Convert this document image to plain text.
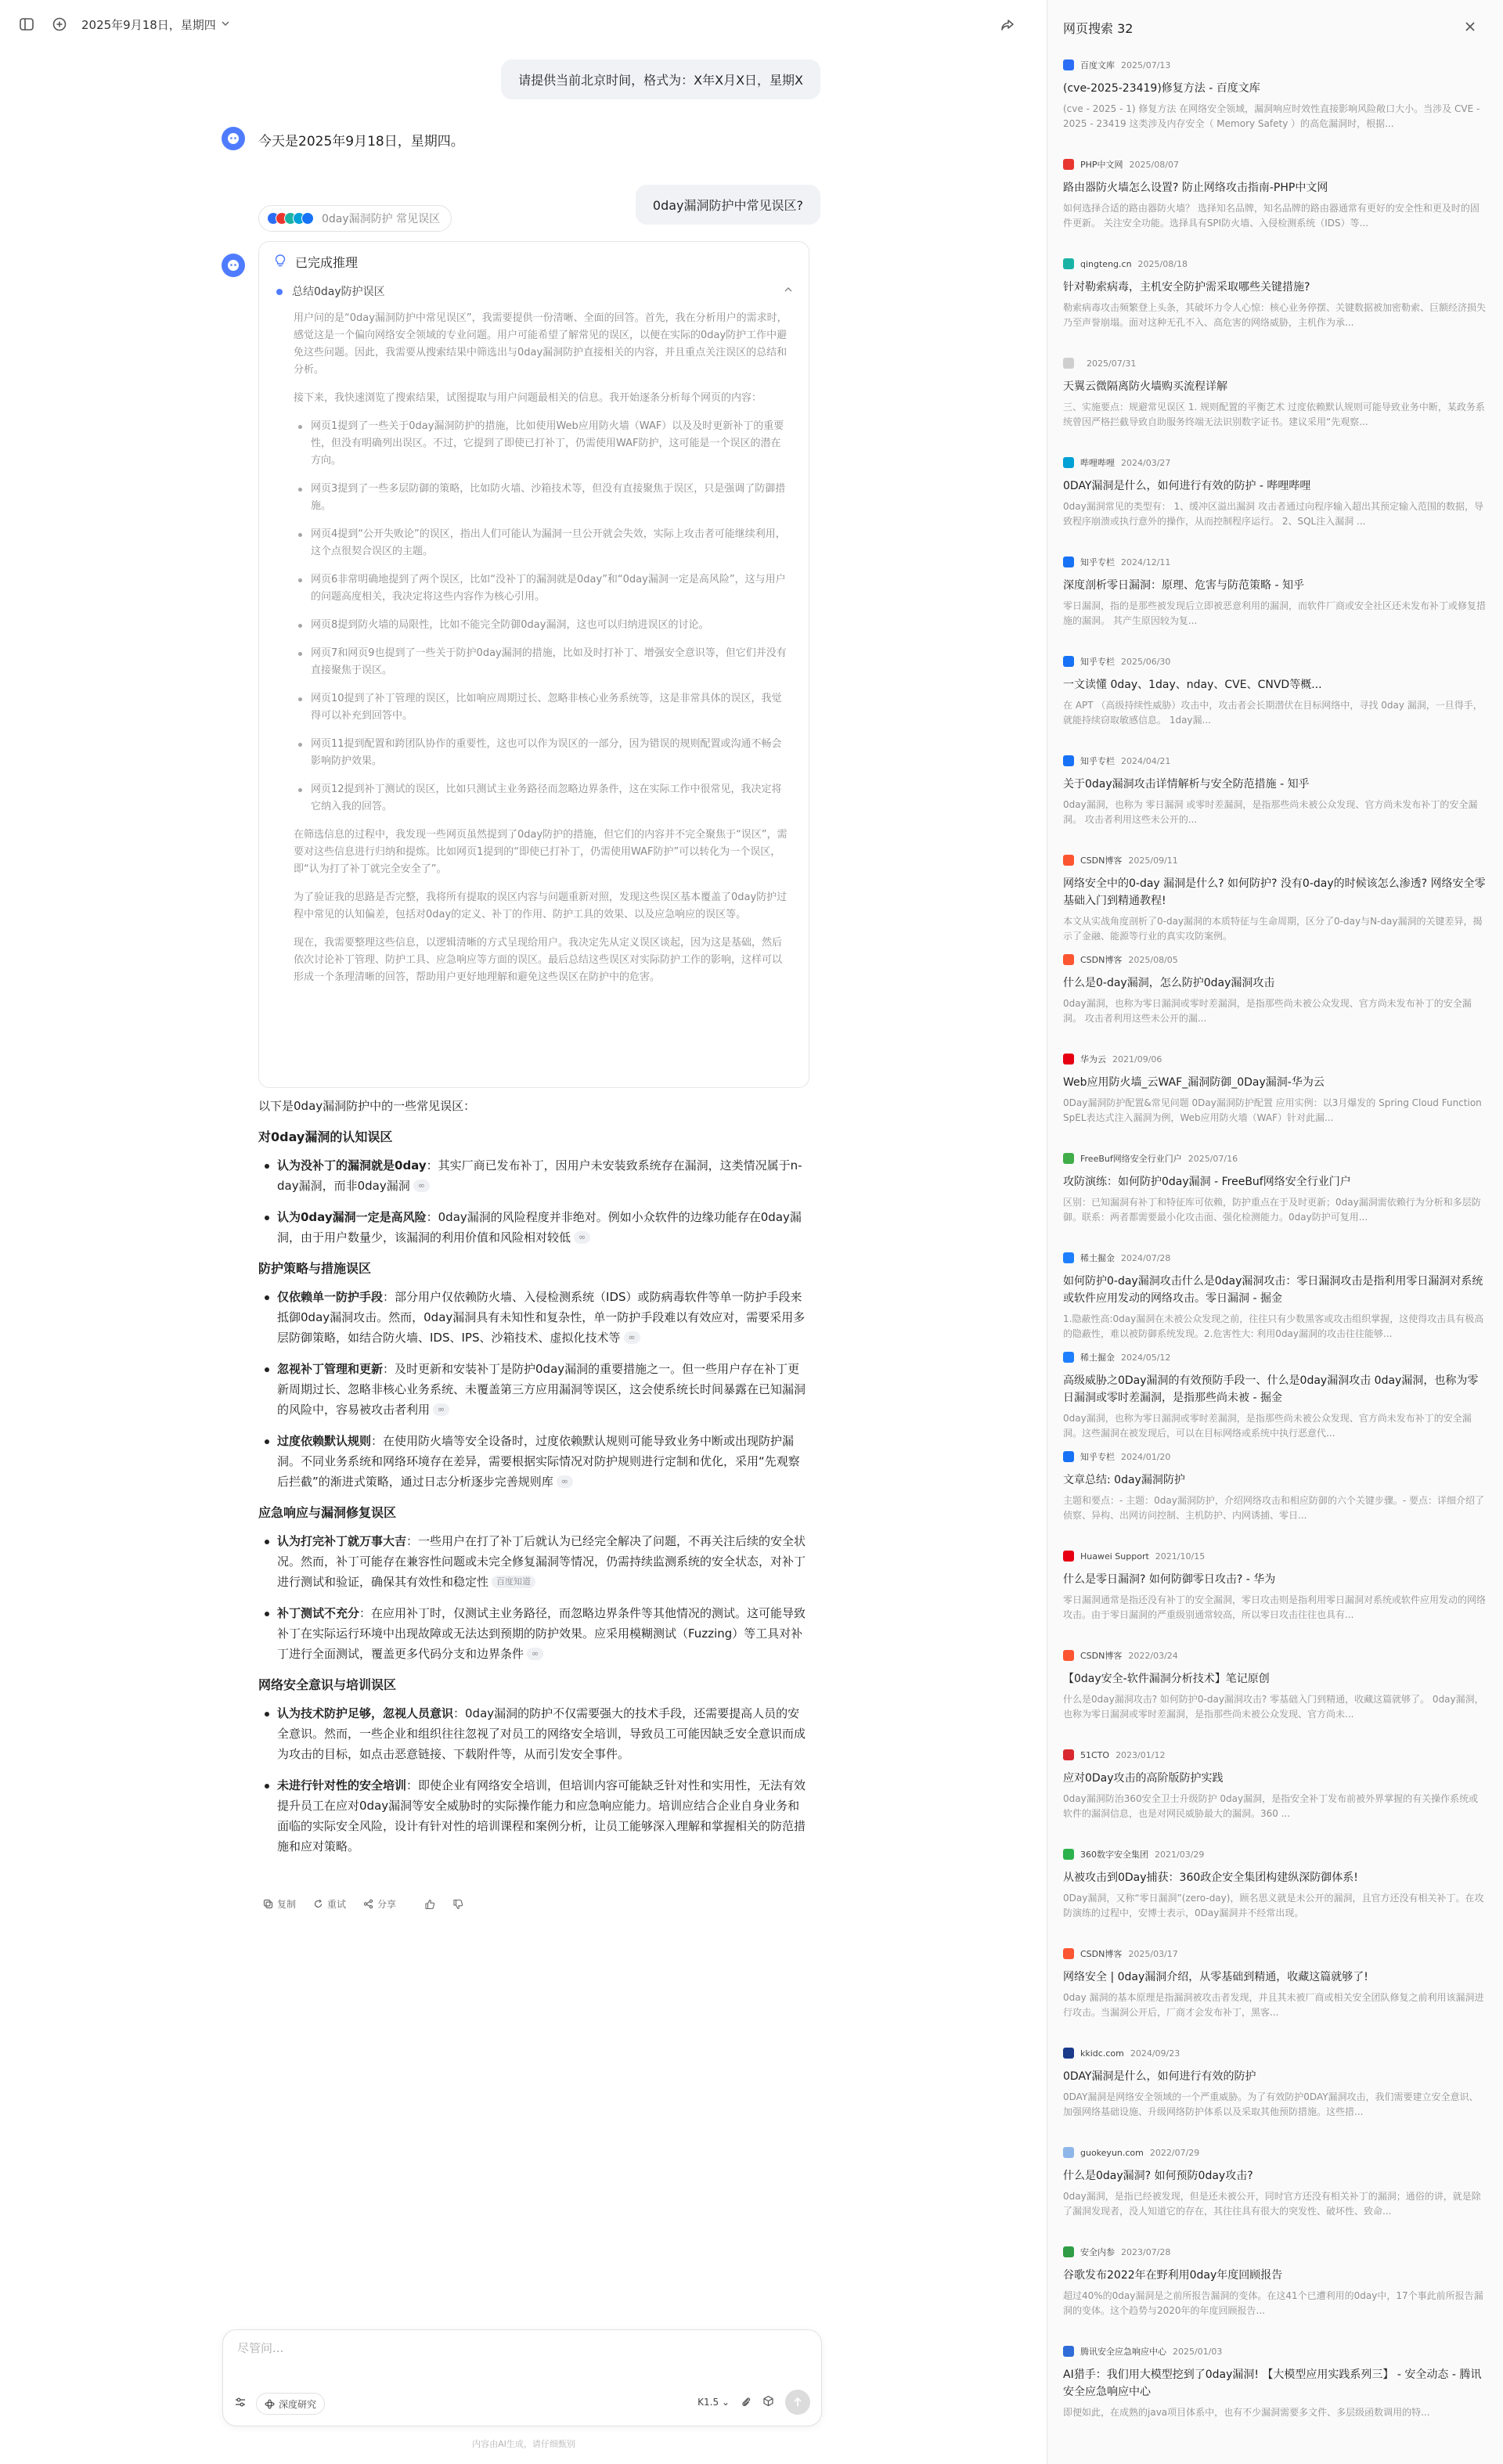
2025年9月18日，星期四
请提供当前北京时间，格式为：X年X月X日，星期X
今天是2025年9月18日，星期四。
0day漏洞防护中常见误区?
0day漏洞防护 常见误区
已完成推理
总结0day防护误区

用户问的是“0day漏洞防护中常见误区”，我需要提供一份清晰、全面的回答。首先，我在分析用户的需求时，感觉这是一个偏向网络安全领域的专业问题。用户可能希望了解常见的误区，以便在实际的0day防护工作中避免这些问题。因此，我需要从搜索结果中筛选出与0day漏洞防护直接相关的内容，并且重点关注误区的总结和分析。

接下来，我快速浏览了搜索结果，试图提取与用户问题最相关的信息。我开始逐条分析每个网页的内容：

网页1提到了一些关于0day漏洞防护的措施，比如使用Web应用防火墙（WAF）以及及时更新补丁的重要性，但没有明确列出误区。不过，它提到了即使已打补丁，仍需使用WAF防护，这可能是一个误区的潜在方向。
网页3提到了一些多层防御的策略，比如防火墙、沙箱技术等，但没有直接聚焦于误区，只是强调了防御措施。
网页4提到“公开失败论”的误区，指出人们可能认为漏洞一旦公开就会失效，实际上攻击者可能继续利用，这个点很契合误区的主题。
网页6非常明确地提到了两个误区，比如“没补丁的漏洞就是0day”和“0day漏洞一定是高风险”，这与用户的问题高度相关，我决定将这些内容作为核心引用。
网页8提到防火墙的局限性，比如不能完全防御0day漏洞，这也可以归纳进误区的讨论。
网页7和网页9也提到了一些关于防护0day漏洞的措施，比如及时打补丁、增强安全意识等，但它们并没有直接聚焦于误区。
网页10提到了补丁管理的误区，比如响应周期过长、忽略非核心业务系统等，这是非常具体的误区，我觉得可以补充到回答中。
网页11提到配置和跨团队协作的重要性，这也可以作为误区的一部分，因为错误的规则配置或沟通不畅会影响防护效果。
网页12提到补丁测试的误区，比如只测试主业务路径而忽略边界条件，这在实际工作中很常见，我决定将它纳入我的回答。

在筛选信息的过程中，我发现一些网页虽然提到了0day防护的措施，但它们的内容并不完全聚焦于“误区”，需要对这些信息进行归纳和提炼。比如网页1提到的“即使已打补丁，仍需使用WAF防护”可以转化为一个误区，即“认为打了补丁就完全安全了”。

为了验证我的思路是否完整，我将所有提取的误区内容与问题重新对照，发现这些误区基本覆盖了0day防护过程中常见的认知偏差，包括对0day的定义、补丁的作用、防护工具的效果、以及应急响应的误区等。

现在，我需要整理这些信息，以逻辑清晰的方式呈现给用户。我决定先从定义误区谈起，因为这是基础，然后依次讨论补丁管理、防护工具、应急响应等方面的误区。最后总结这些误区对实际防护工作的影响，这样可以形成一个条理清晰的回答，帮助用户更好地理解和避免这些误区在防护中的危害。

以下是0day漏洞防护中的一些常见误区：

对0day漏洞的认知误区
认为没补丁的漏洞就是0day：其实厂商已发布补丁，因用户未安装致系统存在漏洞，这类情况属于n-day漏洞，而非0day漏洞 ∞
认为0day漏洞一定是高风险：0day漏洞的风险程度并非绝对。例如小众软件的边缘功能存在0day漏洞，由于用户数量少，该漏洞的利用价值和风险相对较低 ∞
防护策略与措施误区
仅依赖单一防护手段：部分用户仅依赖防火墙、入侵检测系统（IDS）或防病毒软件等单一防护手段来抵御0day漏洞攻击。然而，0day漏洞具有未知性和复杂性，单一防护手段难以有效应对，需要采用多层防御策略，如结合防火墙、IDS、IPS、沙箱技术、虚拟化技术等 ∞
忽视补丁管理和更新：及时更新和安装补丁是防护0day漏洞的重要措施之一。但一些用户存在补丁更新周期过长、忽略非核心业务系统、未覆盖第三方应用漏洞等误区，这会使系统长时间暴露在已知漏洞的风险中，容易被攻击者利用 ∞
过度依赖默认规则：在使用防火墙等安全设备时，过度依赖默认规则可能导致业务中断或出现防护漏洞。不同业务系统和网络环境存在差异，需要根据实际情况对防护规则进行定制和优化，采用“先观察后拦截”的渐进式策略，通过日志分析逐步完善规则库 ∞
应急响应与漏洞修复误区
认为打完补丁就万事大吉：一些用户在打了补丁后就认为已经完全解决了问题，不再关注后续的安全状况。然而，补丁可能存在兼容性问题或未完全修复漏洞等情况，仍需持续监测系统的安全状态，对补丁进行测试和验证，确保其有效性和稳定性 百度知道
补丁测试不充分：在应用补丁时，仅测试主业务路径，而忽略边界条件等其他情况的测试。这可能导致补丁在实际运行环境中出现故障或无法达到预期的防护效果。应采用模糊测试（Fuzzing）等工具对补丁进行全面测试，覆盖更多代码分支和边界条件 ∞
网络安全意识与培训误区
认为技术防护足够，忽视人员意识：0day漏洞的防护不仅需要强大的技术手段，还需要提高人员的安全意识。然而，一些企业和组织往往忽视了对员工的网络安全培训，导致员工可能因缺乏安全意识而成为攻击的目标，如点击恶意链接、下载附件等，从而引发安全事件。
未进行针对性的安全培训：即使企业有网络安全培训，但培训内容可能缺乏针对性和实用性，无法有效提升员工在应对0day漏洞等安全威胁时的实际操作能力和应急响应能力。培训应结合企业自身业务和面临的实际安全风险，设计有针对性的培训课程和案例分析，让员工能够深入理解和掌握相关的防范措施和应对策略。
复制	重试	分享
尽管问...
深度研究	K1.5 ⌄
内容由AI生成，请仔细甄别
网页搜索 32
百度文库 2025/07/13
(cve-2025-23419)修复方法 - 百度文库
(cve - 2025 - 1) 修复方法 在网络安全领域，漏洞响应时效性直接影响风险敞口大小。当涉及 CVE - 2025 - 23419 这类涉及内存安全（ Memory Safety ）的高危漏洞时，根据...
PHP中文网 2025/08/07
路由器防火墙怎么设置? 防止网络攻击指南-PHP中文网
如何选择合适的路由器防火墙？ 选择知名品牌，知名品牌的路由器通常有更好的安全性和更及时的固件更新。 关注安全功能。选择具有SPI防火墙、入侵检测系统（IDS）等...
qingteng.cn 2025/08/18
针对勒索病毒，主机安全防护需采取哪些关键措施?
勒索病毒攻击频繁登上头条，其破坏力令人心惊：核心业务停摆、关键数据被加密勒索、巨额经济损失乃至声誉崩塌。面对这种无孔不入、高危害的网络威胁，主机作为承...
2025/07/31
天翼云微隔离防火墙购买流程详解
三、实施要点：规避常见误区 1. 规则配置的平衡艺术 过度依赖默认规则可能导致业务中断，某政务系统曾因严格拦截导致自助服务终端无法识别数字证书。建议采用“先观察...
哔哩哔哩 2024/03/27
0DAY漏洞是什么，如何进行有效的防护 - 哔哩哔哩
0day漏洞常见的类型有： 1、缓冲区溢出漏洞 攻击者通过向程序输入超出其预定输入范围的数据，导致程序崩溃或执行意外的操作，从而控制程序运行。 2、SQL注入漏洞 ...
知乎专栏 2024/12/11
深度剖析零日漏洞：原理、危害与防范策略 - 知乎
零日漏洞，指的是那些被发现后立即被恶意利用的漏洞，而软件厂商或安全社区还未发布补丁或修复措施的漏洞。 其产生原因较为复...
知乎专栏 2025/06/30
一文读懂 0day、1day、nday、CVE、CNVD等概...
在 APT （高级持续性威胁）攻击中，攻击者会长期潜伏在目标网络中，寻找 0day 漏洞，一旦得手，就能持续窃取敏感信息。 1day漏...
知乎专栏 2024/04/21
关于0day漏洞攻击详情解析与安全防范措施 - 知乎
0day漏洞，也称为 零日漏洞 或零时差漏洞，是指那些尚未被公众发现、官方尚未发布补丁的安全漏洞。 攻击者利用这些未公开的...
CSDN博客 2025/09/11
网络安全中的0-day 漏洞是什么? 如何防护? 没有0-day的时候该怎么渗透? 网络安全零基础入门到精通教程!
本文从实战角度剖析了0-day漏洞的本质特征与生命周期，区分了0-day与N-day漏洞的关键差异，揭示了金融、能源等行业的真实攻防案例。
CSDN博客 2025/08/05
什么是0-day漏洞，怎么防护0day漏洞攻击
0day漏洞，也称为零日漏洞或零时差漏洞，是指那些尚未被公众发现、官方尚未发布补丁的安全漏洞。 攻击者利用这些未公开的漏...
华为云 2021/09/06
Web应用防火墙_云WAF_漏洞防御_0Day漏洞-华为云
0Day漏洞防护配置&常见问题 0Day漏洞防护配置 应用实例：以3月爆发的 Spring Cloud Function SpEL表达式注入漏洞为例，Web应用防火墙（WAF）针对此漏...
FreeBuf网络安全行业门户 2025/07/16
攻防演练：如何防护0day漏洞 - FreeBuf网络安全行业门户
区别：已知漏洞有补丁和特征库可依赖，防护重点在于及时更新；0day漏洞需依赖行为分析和多层防御。联系：两者都需要最小化攻击面、强化检测能力。0day防护可复用...
稀土掘金 2024/07/28
如何防护0-day漏洞攻击什么是0day漏洞攻击：零日漏洞攻击是指利用零日漏洞对系统或软件应用发动的网络攻击。零日漏洞 - 掘金
1.隐蔽性高:0day漏洞在未被公众发现之前，往往只有少数黑客或攻击组织掌握，这使得攻击具有极高的隐蔽性，难以被防御系统发现。2.危害性大: 利用0day漏洞的攻击往往能够...
稀土掘金 2024/05/12
高级威胁之0Day漏洞的有效预防手段一、什么是0day漏洞攻击 0day漏洞，也称为零日漏洞或零时差漏洞，是指那些尚未被 - 掘金
0day漏洞，也称为零日漏洞或零时差漏洞，是指那些尚未被公众发现、官方尚未发布补丁的安全漏洞。这些漏洞在被发现后，可以在目标网络或系统中执行恶意代...
知乎专栏 2024/01/20
文章总结: 0day漏洞防护
主题和要点：- 主题：0day漏洞防护，介绍网络攻击和相应防御的六个关键步骤。- 要点：详细介绍了侦察、异构、出网访问控制、主机防护、内网诱捕、零日...
Huawei Support 2021/10/15
什么是零日漏洞? 如何防御零日攻击? - 华为
零日漏洞通常是指还没有补丁的安全漏洞，零日攻击则是指利用零日漏洞对系统或软件应用发动的网络攻击。由于零日漏洞的严重级别通常较高，所以零日攻击往往也具有...
CSDN博客 2022/03/24
【0day安全-软件漏洞分析技术】笔记原创
什么是0day漏洞攻击? 如何防护0-day漏洞攻击? 零基础入门到精通，收藏这篇就够了。 0day漏洞，也称为零日漏洞或零时差漏洞，是指那些尚未被公众发现、官方尚未...
51CTO 2023/01/12
应对0Day攻击的高阶版防护实践
0day漏洞防治360安全卫士升级防护 0day漏洞，是指安全补丁发布前被外界掌握的有关操作系统或软件的漏洞信息，也是对网民威胁最大的漏洞。360 ...
360数字安全集团 2021/03/29
从被攻击到0Day捕获：360政企安全集团构建纵深防御体系!
0Day漏洞，又称“零日漏洞”(zero-day)，顾名思义就是未公开的漏洞，且官方还没有相关补丁。在攻防演练的过程中，安博士表示，0Day漏洞并不经常出现。
CSDN博客 2025/03/17
网络安全 | 0day漏洞介绍，从零基础到精通，收藏这篇就够了!
0day 漏洞的基本原理是指漏洞被攻击者发现，并且其未被厂商或相关安全团队修复之前利用该漏洞进行攻击。当漏洞公开后，厂商才会发布补丁，黑客...
kkidc.com 2024/09/23
0DAY漏洞是什么，如何进行有效的防护
0DAY漏洞是网络安全领域的一个严重威胁。为了有效防护0DAY漏洞攻击，我们需要建立安全意识、加强网络基础设施、升级网络防护体系以及采取其他预防措施。这些措...
guokeyun.com 2022/07/29
什么是0day漏洞? 如何预防0day攻击?
0day漏洞，是指已经被发现，但是还未被公开，同时官方还没有相关补丁的漏洞；通俗的讲，就是除了漏洞发现者，没人知道它的存在，其往往具有很大的突发性、破坏性、致命...
安全内参 2023/07/28
谷歌发布2022年在野利用0day年度回顾报告
超过40%的0day漏洞是之前所报告漏洞的变体。在这41个已遭利用的0day中，17个事此前所报告漏洞的变体。这个趋势与2020年的年度回顾报告...
腾讯安全应急响应中心 2025/01/03
AI猎手：我们用大模型挖到了0day漏洞! 【大模型应用实践系列三】 - 安全动态 - 腾讯安全应急响应中心
即便如此，在成熟的java项目体系中，也有不少漏洞需要多文件、多层级函数调用的特...
